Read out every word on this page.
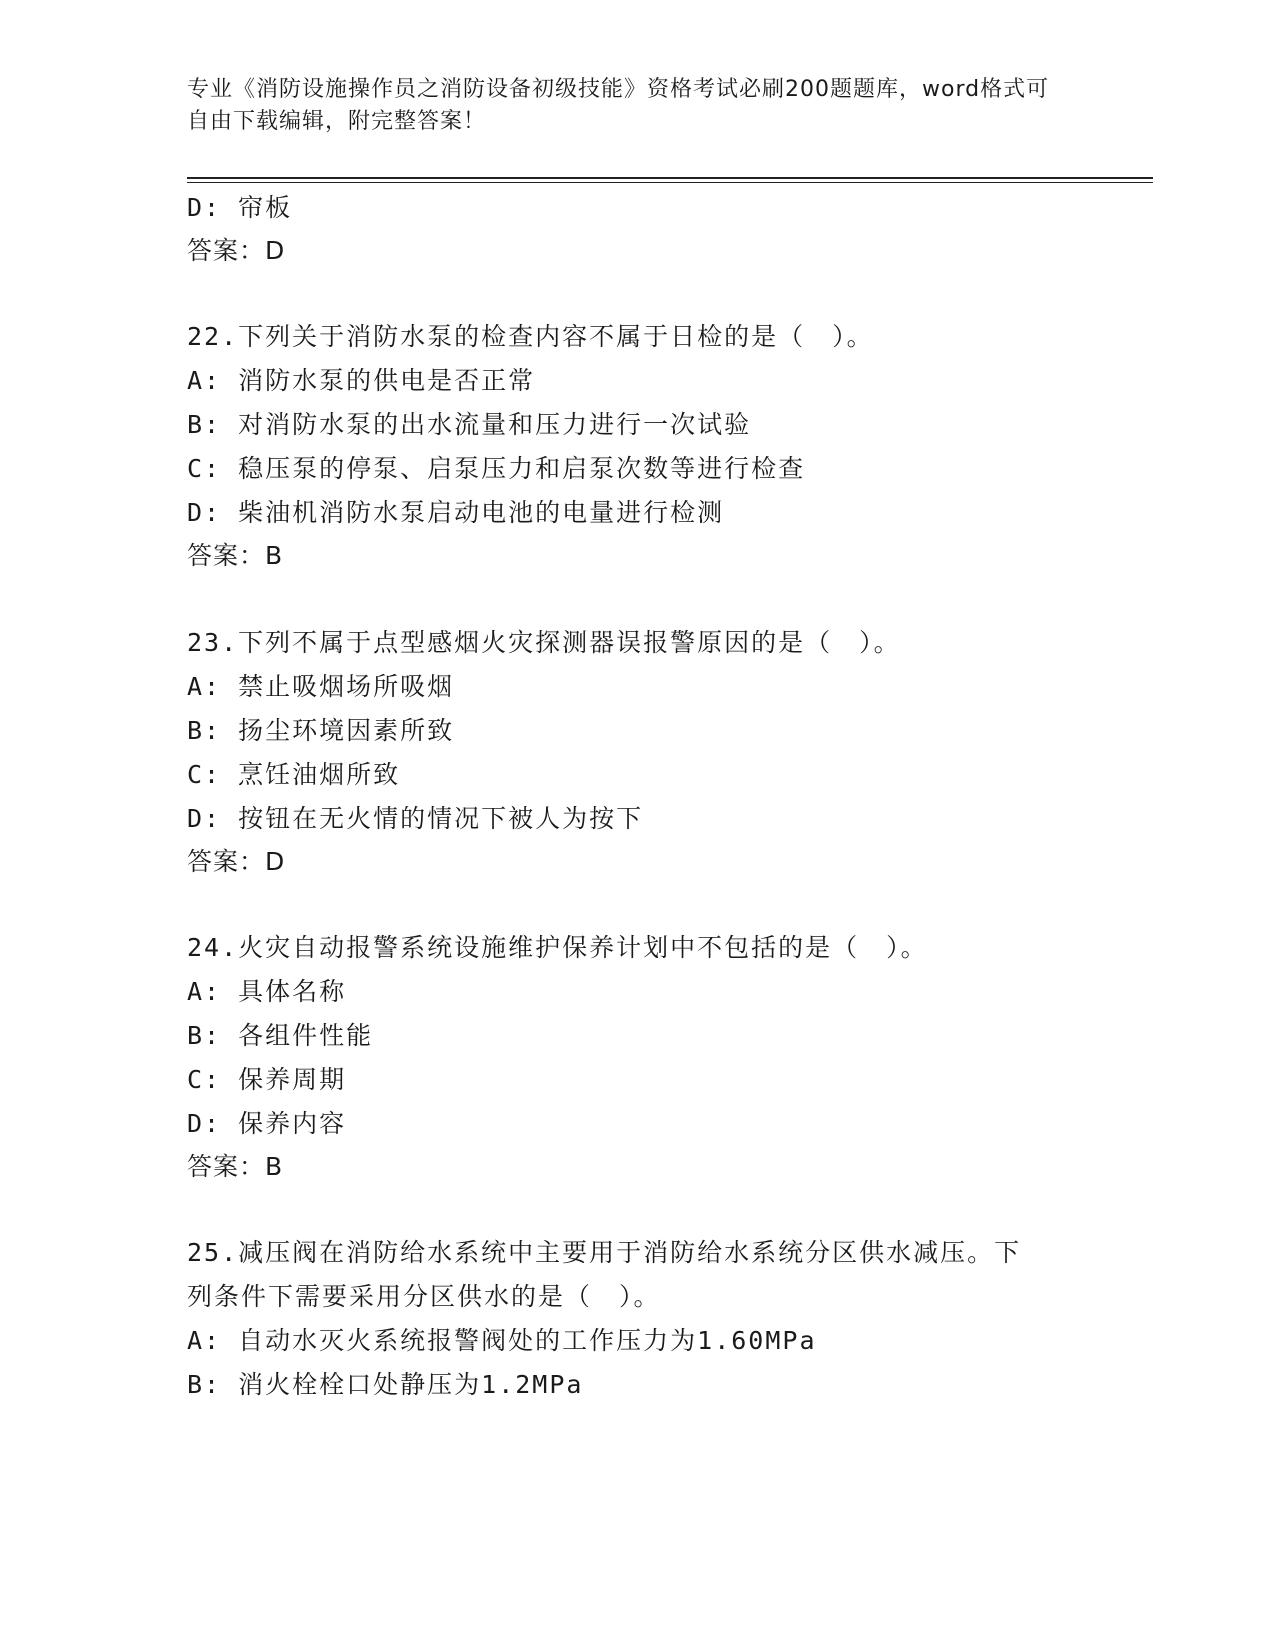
专业《消防设施操作员之消防设备初级技能》资格考试必刷200题题库，word格式可自由下载编辑，附完整答案！
D: 帘板
答案：D
22.下列关于消防水泵的检查内容不属于日检的是（　）。
A: 消防水泵的供电是否正常
B: 对消防水泵的出水流量和压力进行一次试验
C: 稳压泵的停泵、启泵压力和启泵次数等进行检查
D: 柴油机消防水泵启动电池的电量进行检测
答案：B
23.下列不属于点型感烟火灾探测器误报警原因的是（　）。
A: 禁止吸烟场所吸烟
B: 扬尘环境因素所致
C: 烹饪油烟所致
D: 按钮在无火情的情况下被人为按下
答案：D
24.火灾自动报警系统设施维护保养计划中不包括的是（　）。
A: 具体名称
B: 各组件性能
C: 保养周期
D: 保养内容
答案：B
25.减压阀在消防给水系统中主要用于消防给水系统分区供水减压。下
列条件下需要采用分区供水的是（　）。
A: 自动水灭火系统报警阀处的工作压力为1.60MPa
B: 消火栓栓口处静压为1.2MPa
